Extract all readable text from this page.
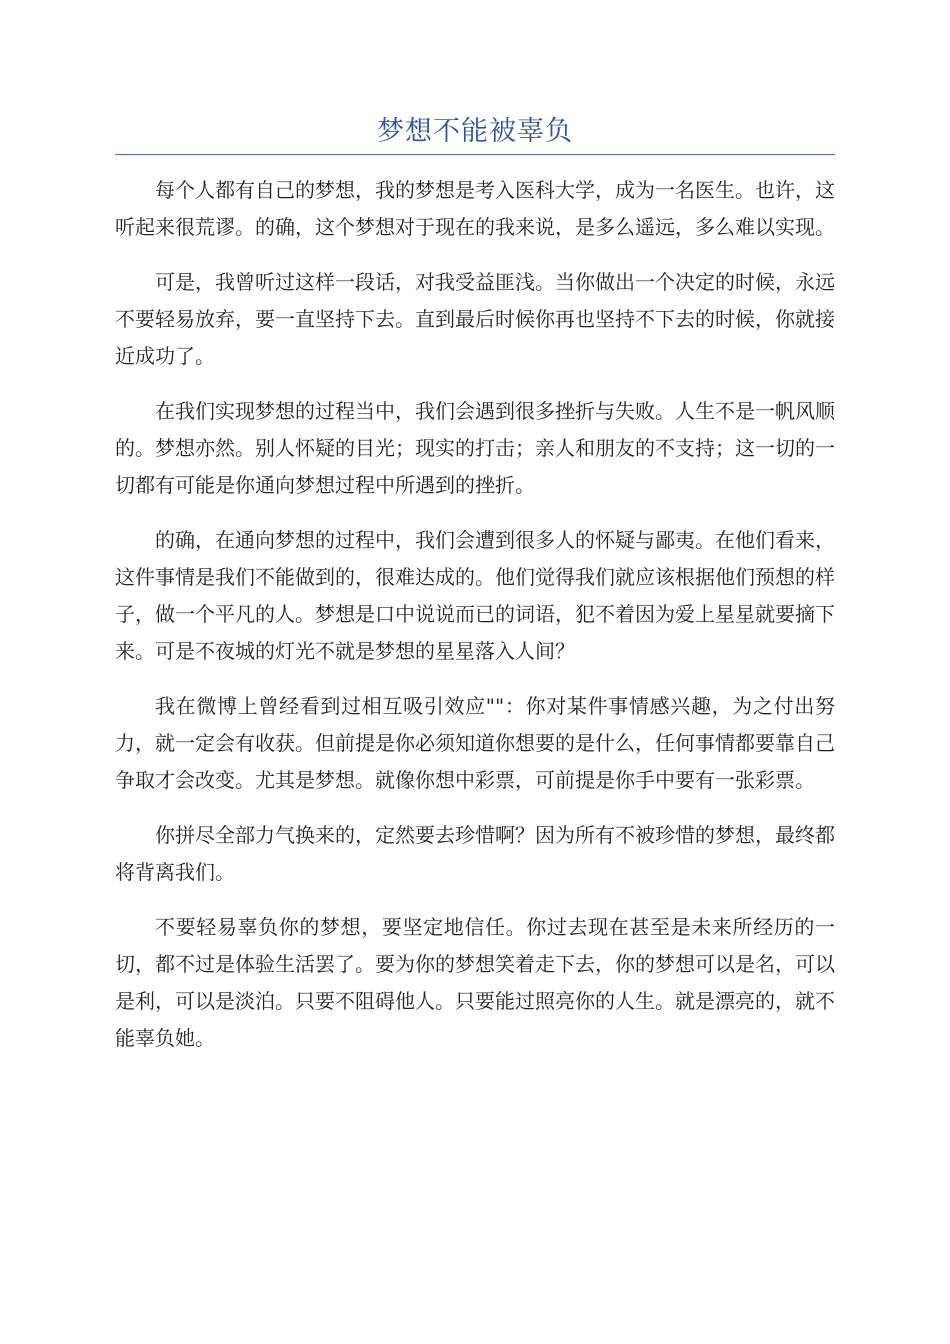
梦想不能被辜负

每个人都有自己的梦想，我的梦想是考入医科大学，成为一名医生。也许，这听起来很荒谬。的确，这个梦想对于现在的我来说，是多么遥远，多么难以实现。

可是，我曾听过这样一段话，对我受益匪浅。当你做出一个决定的时候，永远不要轻易放弃，要一直坚持下去。直到最后时候你再也坚持不下去的时候，你就接近成功了。

在我们实现梦想的过程当中，我们会遇到很多挫折与失败。人生不是一帆风顺的。梦想亦然。别人怀疑的目光；现实的打击；亲人和朋友的不支持；这一切的一切都有可能是你通向梦想过程中所遇到的挫折。

的确，在通向梦想的过程中，我们会遭到很多人的怀疑与鄙夷。在他们看来，这件事情是我们不能做到的，很难达成的。他们觉得我们就应该根据他们预想的样子，做一个平凡的人。梦想是口中说说而已的词语，犯不着因为爱上星星就要摘下来。可是不夜城的灯光不就是梦想的星星落入人间？

我在微博上曾经看到过相互吸引效应""：你对某件事情感兴趣，为之付出努力，就一定会有收获。但前提是你必须知道你想要的是什么，任何事情都要靠自己争取才会改变。尤其是梦想。就像你想中彩票，可前提是你手中要有一张彩票。

你拼尽全部力气换来的，定然要去珍惜啊？因为所有不被珍惜的梦想，最终都将背离我们。

不要轻易辜负你的梦想，要坚定地信任。你过去现在甚至是未来所经历的一切，都不过是体验生活罢了。要为你的梦想笑着走下去，你的梦想可以是名，可以是利，可以是淡泊。只要不阻碍他人。只要能过照亮你的人生。就是漂亮的，就不能辜负她。
